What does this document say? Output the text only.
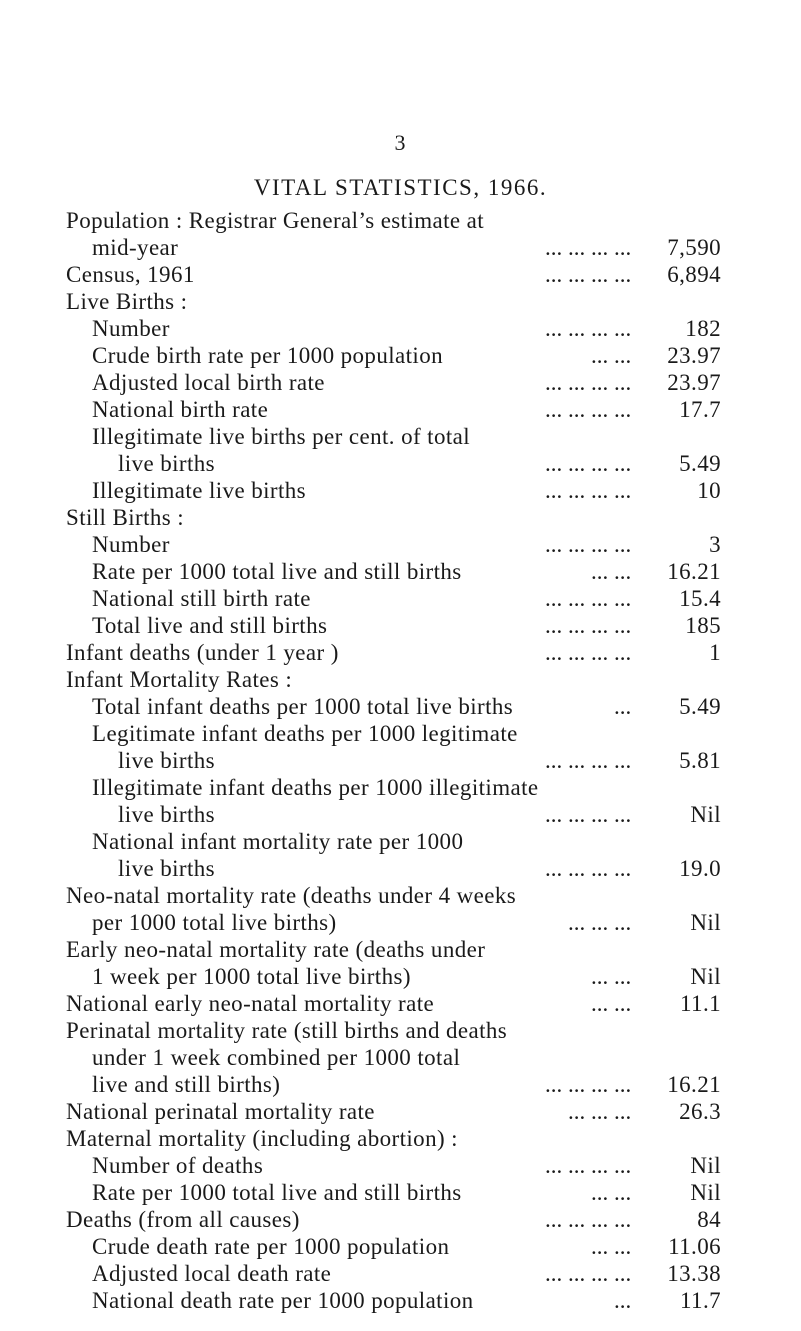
3
VITAL STATISTICS, 1966.
Population : Registrar General’s estimate at
mid-year	... ... ... ... 7,590
Census, 1961	... ... ... ... 6,894
Live Births :
Number	... ... ... ... 182
Crude birth rate per 1000 population	... ... 23.97
Adjusted local birth rate	... ... ... ... 23.97
National birth rate	... ... ... ... 17.7
Illegitimate live births per cent. of total
live births	... ... ... ... 5.49
Illegitimate live births	... ... ... ...	10
Still Births :
Number	... ... ... ...	3
Rate per 1000 total live and still births	... ... 16.21
National still birth rate	... ... ... ... 15.4
Total live and still births	... ... ... ... 185
Infant deaths (under 1 year )	... ... ... ...	1
Infant Mortality Rates :
Total infant deaths per 1000 total live births	... 5.49
Legitimate infant deaths per 1000 legitimate
live births	... ... ... ... 5.81
Illegitimate infant deaths per 1000 illegitimate
live births	... ... ... ...	Nil
National infant mortality rate per 1000
live births	... ... ... ... 19.0
Neo-natal mortality rate (deaths under 4 weeks
per 1000 total live births)	... ... ...	Nil
Early neo-natal mortality rate (deaths under
1 week per 1000 total live births)	... ...	Nil
National early neo-natal mortality rate	... ... 11.1
Perinatal mortality rate (still births and deaths
under 1 week combined per 1000 total
live and still births)	... ... ... ... 16.21
National perinatal mortality rate	... ... ... 26.3
Maternal mortality (including abortion) :
Number of deaths	... ... ... ...	Nil
Rate per 1000 total live and still births	... ...	Nil
Deaths (from all causes)	... ... ... ...	84
Crude death rate per 1000 population	... ... 11.06
Adjusted local death rate	... ... ... ... 13.38
National death rate per 1000 population	... 11.7
